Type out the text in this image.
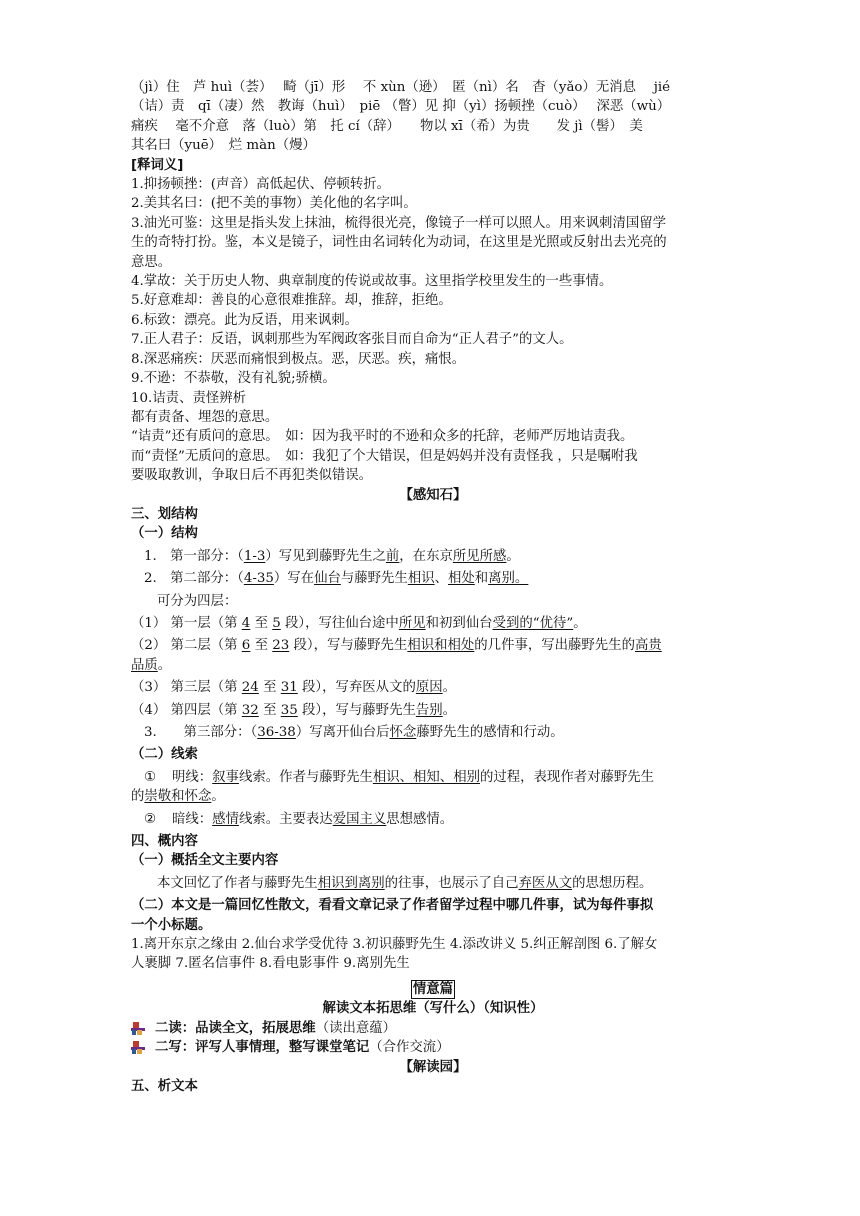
（jì）住　芦 huì（荟）　 畸（jī）形　 不 xùn（逊）　匿（nì）名　杳（yǎo）无消息　 jié
（诘）责　qī（凄）然　教诲（huì）　piē （瞥）见 抑（yì）扬顿挫（cuò）　 深恶（wù）
痛疾　 毫不介意　落（luò）第　托 cí（辞）　　物以 xī（希）为贵　　发 jì（髻）　美
其名曰（yuē）　烂 màn（熳）
[释词义]
1.抑扬顿挫：(声音）高低起伏、停顿转折。
2.美其名曰：(把不美的事物）美化他的名字叫。
3.油光可鉴：这里是指头发上抹油，梳得很光亮，像镜子一样可以照人。用来讽刺清国留学
生的奇特打扮。鉴，本义是镜子，词性由名词转化为动词，在这里是光照或反射出去光亮的
意思。
4.掌故：关于历史人物、典章制度的传说或故事。这里指学校里发生的一些事情。
5.好意难却：善良的心意很难推辞。却，推辞，拒绝。
6.标致：漂亮。此为反语，用来讽刺。
7.正人君子：反语，讽刺那些为军阀政客张目而自命为“正人君子”的文人。
8.深恶痛疾：厌恶而痛恨到极点。恶，厌恶。疾，痛恨。
9.不逊：不恭敬，没有礼貌;骄横。
10.诘责、责怪辨析
都有责备、埋怨的意思。
“诘责”还有质问的意思。　如：因为我平时的不逊和众多的托辞，老师严厉地诘责我。
而“责怪”无质问的意思。　如：我犯了个大错误，但是妈妈并没有责怪我 ，只是嘱咐我
要吸取教训，争取日后不再犯类似错误。
【感知石】
三、划结构
（一）结构
1.　第一部分：（1-3）写见到藤野先生之前，在东京所见所感。
2.　第二部分：（4-35）写在仙台与藤野先生相识、相处和离别。
可分为四层：
（1） 第一层（第 4 至 5 段），写往仙台途中所见和初到仙台受到的“优待”。
（2） 第二层（第 6 至 23 段），写与藤野先生相识和相处的几件事，写出藤野先生的高贵
品质。
（3） 第三层（第 24 至 31 段），写弃医从文的原因。
（4） 第四层（第 32 至 35 段），写与藤野先生告别。
3.　　第三部分：（36-38）写离开仙台后怀念藤野先生的感情和行动。
（二）线索
① 明线：叙事线索。作者与藤野先生相识、相知、相别的过程，表现作者对藤野先生
的崇敬和怀念。
② 暗线：感情线索。主要表达爱国主义思想感情。
四、概内容
（一）概括全文主要内容
本文回忆了作者与藤野先生相识到离别的往事，也展示了自己弃医从文的思想历程。
（二）本文是一篇回忆性散文，看看文章记录了作者留学过程中哪几件事，试为每件事拟
一个小标题。
1.离开东京之缘由 2.仙台求学受优待 3.初识藤野先生 4.添改讲义 5.纠正解剖图 6.了解女
人裹脚 7.匿名信事件 8.看电影事件 9.离别先生
情意篇
解读文本拓思维（写什么）（知识性）
二读：品读全文，拓展思维 （读出意蕴）
二写：评写人事情理，整写课堂笔记 （合作交流）
【解读园】
五、析文本
